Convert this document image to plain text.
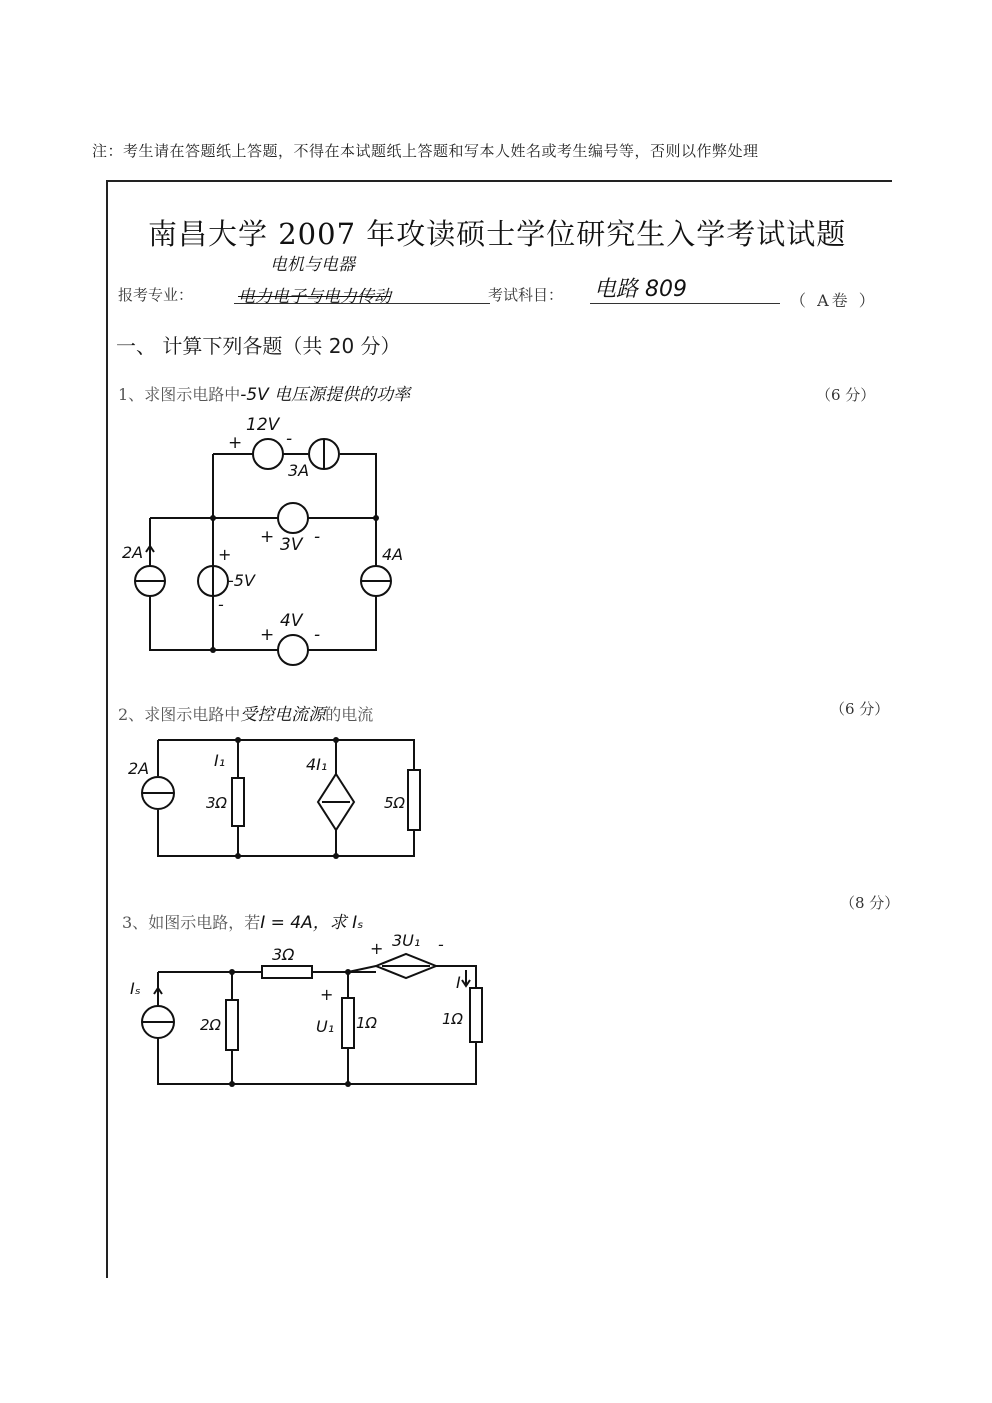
注：考生请在答题纸上答题，不得在本试题纸上答题和写本人姓名或考生编号等，否则以作弊处理
南昌大学 2007 年攻读硕士学位研究生入学考试试题
电机与电器
报考专业：	电力电子与电力传动	考试科目： 电路 809	（ A卷 ）
一、 计算下列各题（共 20 分）
1、求图示电路中-5V 电压源提供的功率	（6 分）
12V
+	-
3A
+ 3V -
2A	+
-5V
-
4A
+
4V
-
2、求图示电路中受控电流源的电流	（6 分）
2A	I₁
3Ω
4I₁
5Ω
3、如图示电路，若I = 4A，求 Iₛ
（8 分）
Iₛ
2Ω
3Ω
+
U₁ 1Ω
+ 3U₁ -
I
1Ω
